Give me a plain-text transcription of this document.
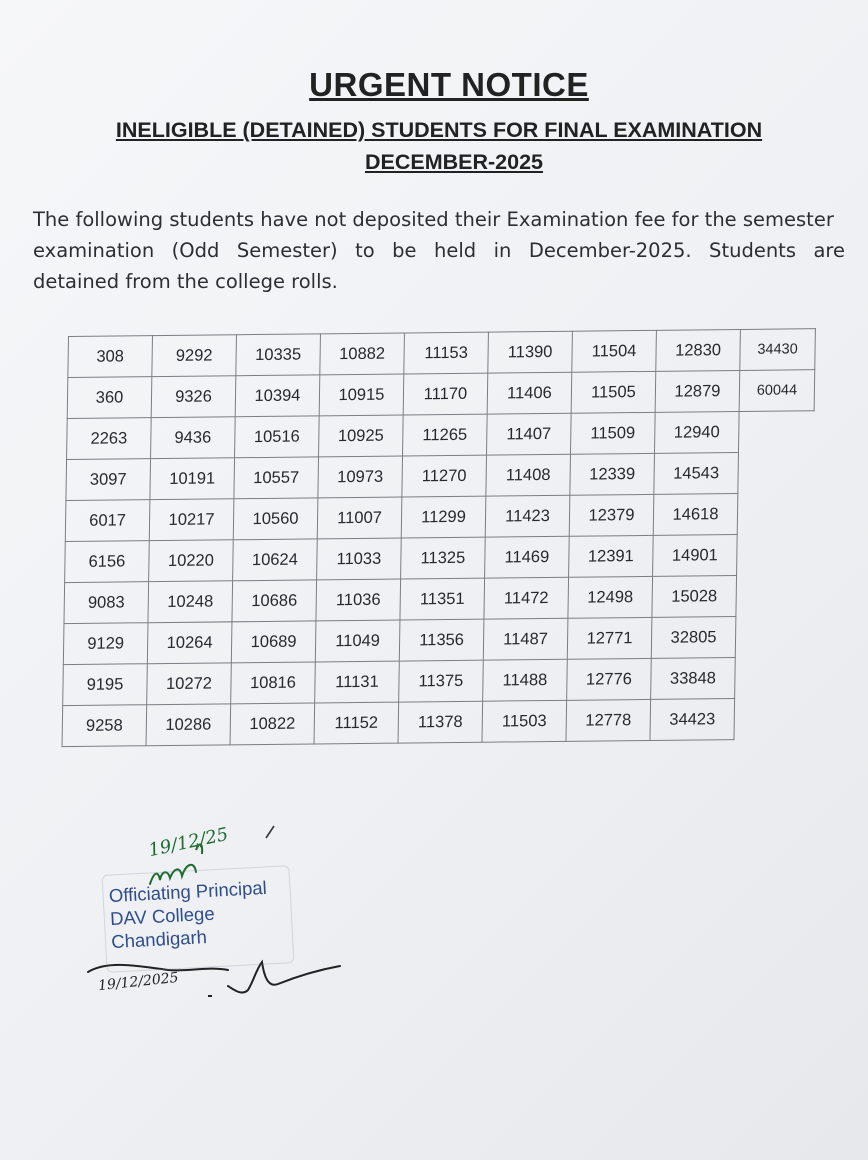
URGENT NOTICE
INELIGIBLE (DETAINED) STUDENTS FOR FINAL EXAMINATION
DECEMBER-2025

The following students have not deposited their Examination fee for the semester
examination (Odd Semester) to be held in December-2025. Students are
detained from the college rolls.

308	9292	10335	10882	11153	11390	11504	12830	34430
360	9326	10394	10915	11170	11406	11505	12879	60044
2263	9436	10516	10925	11265	11407	11509	12940	
3097	10191	10557	10973	11270	11408	12339	14543	
6017	10217	10560	11007	11299	11423	12379	14618	
6156	10220	10624	11033	11325	11469	12391	14901	
9083	10248	10686	11036	11351	11472	12498	15028	
9129	10264	10689	11049	11356	11487	12771	32805	
9195	10272	10816	11131	11375	11488	12776	33848	
9258	10286	10822	11152	11378	11503	12778	34423	
19/12/25
Officiating Principal
DAV College
Chandigarh
19/12/2025
